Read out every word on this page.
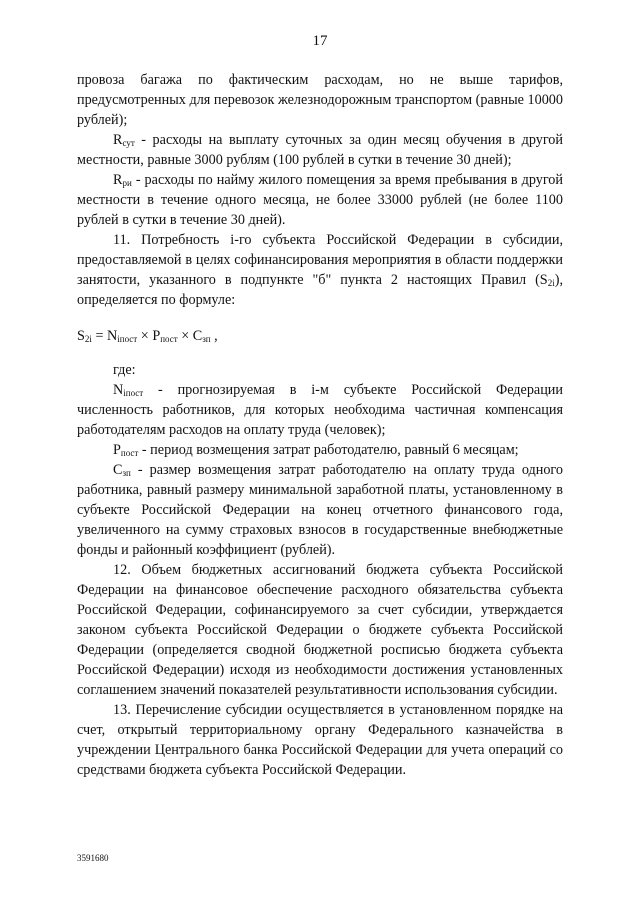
17

провоза багажа по фактическим расходам, но не выше тарифов, предусмотренных для перевозок железнодорожным транспортом (равные 10000 рублей);

$R_{сут}$ - расходы на выплату суточных за один месяц обучения в другой местности, равные 3000 рублям (100 рублей в сутки в течение 30 дней);

$R_{ри}$ - расходы по найму жилого помещения за время пребывания в другой местности в течение одного месяца, не более 33000 рублей (не более 1100 рублей в сутки в течение 30 дней).

11. Потребность i-го субъекта Российской Федерации в субсидии, предоставляемой в целях софинансирования мероприятия в области поддержки занятости, указанного в подпункте "б" пункта 2 настоящих Правил $(S_{2i})$, определяется по формуле:

$S_{2i} = N_{iпост} \times P_{пост} \times C_{зп}$ ,

где:

$N_{iпост}$ - прогнозируемая в i-м субъекте Российской Федерации численность работников, для которых необходима частичная компенсация работодателям расходов на оплату труда (человек);

$P_{пост}$ - период возмещения затрат работодателю, равный 6 месяцам;

$C_{зп}$ - размер возмещения затрат работодателю на оплату труда одного работника, равный размеру минимальной заработной платы, установленному в субъекте Российской Федерации на конец отчетного финансового года, увеличенного на сумму страховых взносов в государственные внебюджетные фонды и районный коэффициент (рублей).

12. Объем бюджетных ассигнований бюджета субъекта Российской Федерации на финансовое обеспечение расходного обязательства субъекта Российской Федерации, софинансируемого за счет субсидии, утверждается законом субъекта Российской Федерации о бюджете субъекта Российской Федерации (определяется сводной бюджетной росписью бюджета субъекта Российской Федерации) исходя из необходимости достижения установленных соглашением значений показателей результативности использования субсидии.

13. Перечисление субсидии осуществляется в установленном порядке на счет, открытый территориальному органу Федерального казначейства в учреждении Центрального банка Российской Федерации для учета операций со средствами бюджета субъекта Российской Федерации.

3591680
